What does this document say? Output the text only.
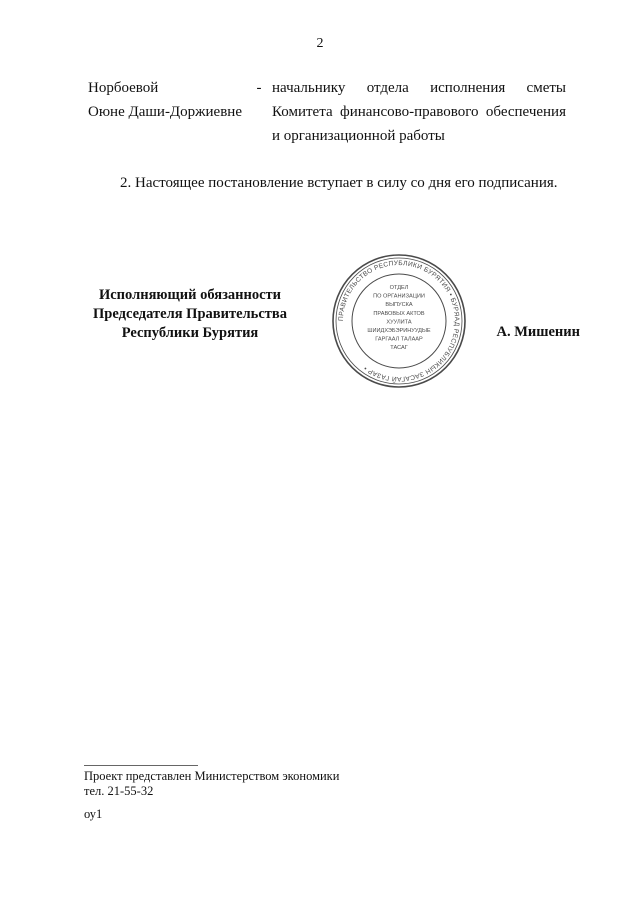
2
Норбоевой
Оюне Даши-Доржиевне
- начальнику отдела исполнения сметы Комитета финансово-правового обеспечения и организационной работы
2. Настоящее постановление вступает в силу со дня его подписания.
Исполняющий обязанности
Председателя Правительства
Республики Бурятия
ПРАВИТЕЛЬСТВО РЕСПУБЛИКИ БУРЯТИЯ • БУРЯАД РЕСПУБЛИКЫН ЗАСАГАЙ ГАЗАР •
ОТДЕЛ
ПО ОРГАНИЗАЦИИ
ВЫПУСКА
ПРАВОВЫХ АКТОВ
ХУУЛИТА
ШИИДХЭБЭРИНУУДЫЕ
ГАРГААЛ ТАЛААР
ТАСАГ
А. Мишенин
Проект представлен Министерством экономики
тел. 21-55-32
оу1
